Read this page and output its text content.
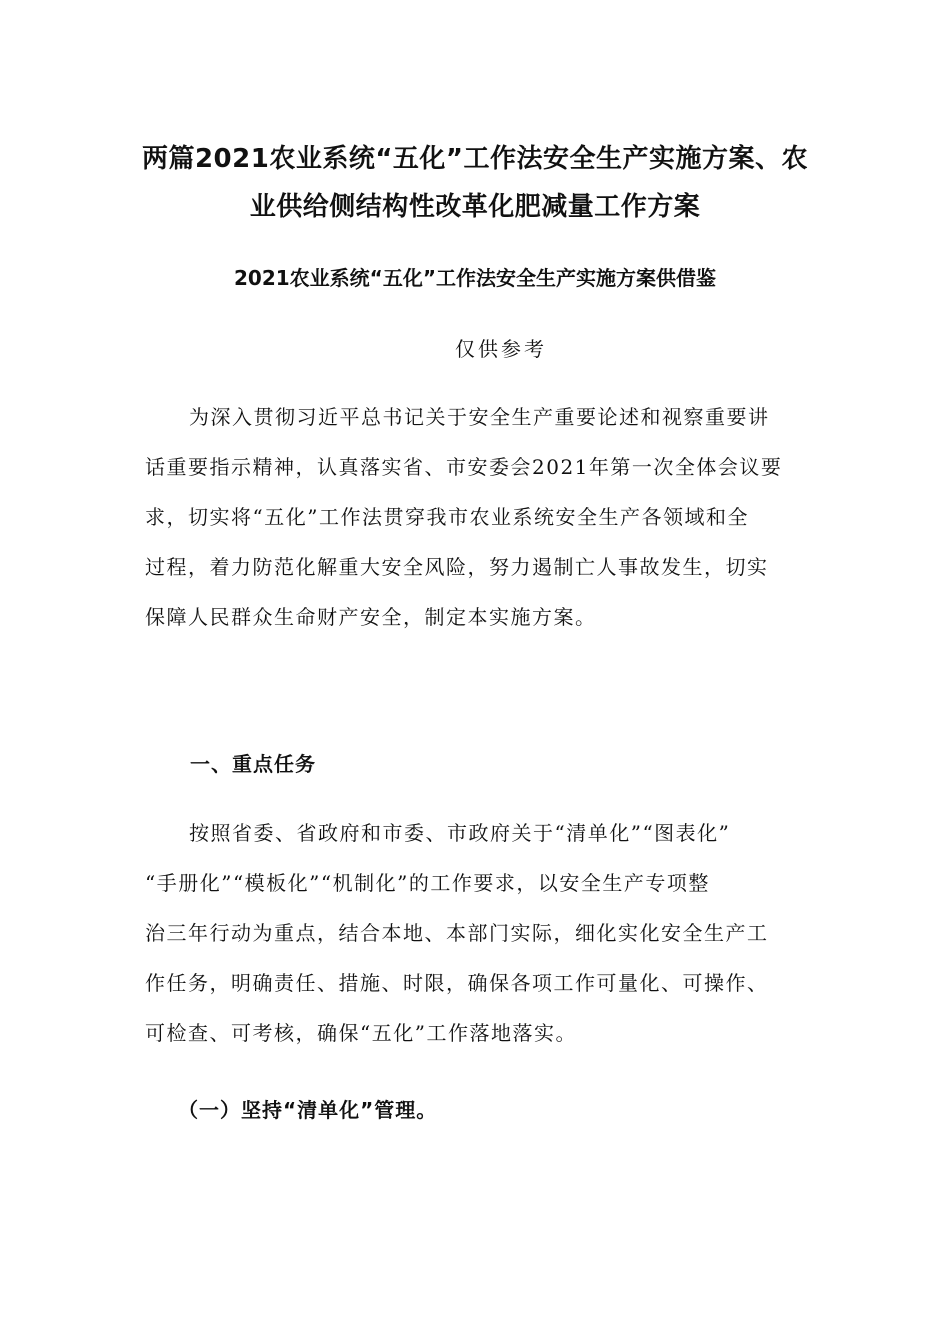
两篇2021农业系统“五化”工作法安全生产实施方案、农
业供给侧结构性改革化肥减量工作方案
2021农业系统“五化”工作法安全生产实施方案供借鉴
仅供参考
为深入贯彻习近平总书记关于安全生产重要论述和视察重要讲
话重要指示精神，认真落实省、市安委会2021年第一次全体会议要
求，切实将“五化”工作法贯穿我市农业系统安全生产各领域和全
过程，着力防范化解重大安全风险，努力遏制亡人事故发生，切实
保障人民群众生命财产安全，制定本实施方案。
一、重点任务
按照省委、省政府和市委、市政府关于“清单化”“图表化”
“手册化”“模板化”“机制化”的工作要求，以安全生产专项整
治三年行动为重点，结合本地、本部门实际，细化实化安全生产工
作任务，明确责任、措施、时限，确保各项工作可量化、可操作、
可检查、可考核，确保“五化”工作落地落实。
（一）坚持“清单化”管理。
